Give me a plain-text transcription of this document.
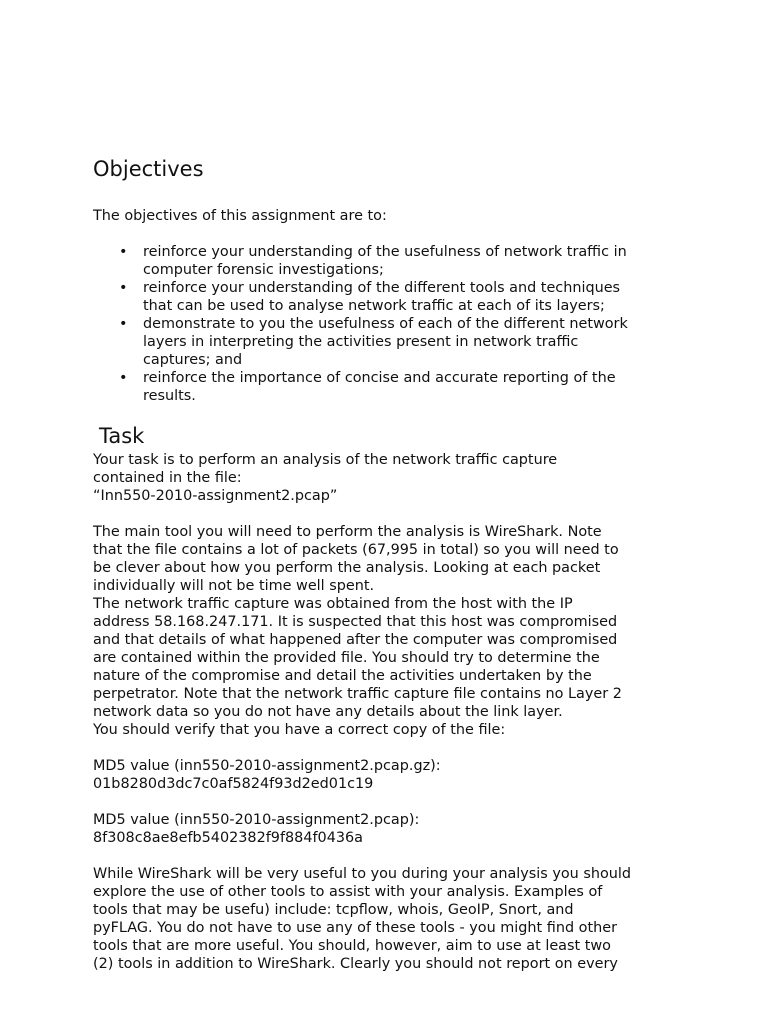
Objectives
The objectives of this assignment are to:
• reinforce your understanding of the usefulness of network traffic in
computer forensic investigations;
• reinforce your understanding of the different tools and techniques
that can be used to analyse network traffic at each of its layers;
• demonstrate to you the usefulness of each of the different network
layers in interpreting the activities present in network traffic
captures; and
• reinforce the importance of concise and accurate reporting of the
results.
Task

Your task is to perform an analysis of the network traffic capture
contained in the file:
“Inn550-2010-assignment2.pcap”

The main tool you will need to perform the analysis is WireShark. Note
that the file contains a lot of packets (67,995 in total) so you will need to
be clever about how you perform the analysis. Looking at each packet
individually will not be time well spent.
The network traffic capture was obtained from the host with the IP
address 58.168.247.171. It is suspected that this host was compromised
and that details of what happened after the computer was compromised
are contained within the provided file. You should try to determine the
nature of the compromise and detail the activities undertaken by the
perpetrator. Note that the network traffic capture file contains no Layer 2
network data so you do not have any details about the link layer.
You should verify that you have a correct copy of the file:

MD5 value (inn550-2010-assignment2.pcap.gz):
01b8280d3dc7c0af5824f93d2ed01c19

MD5 value (inn550-2010-assignment2.pcap):
8f308c8ae8efb5402382f9f884f0436a

While WireShark will be very useful to you during your analysis you should
explore the use of other tools to assist with your analysis. Examples of
tools that may be usefu) include: tcpflow, whois, GeoIP, Snort, and
pyFLAG. You do not have to use any of these tools - you might find other
tools that are more useful. You should, however, aim to use at least two
(2) tools in addition to WireShark. Clearly you should not report on every
